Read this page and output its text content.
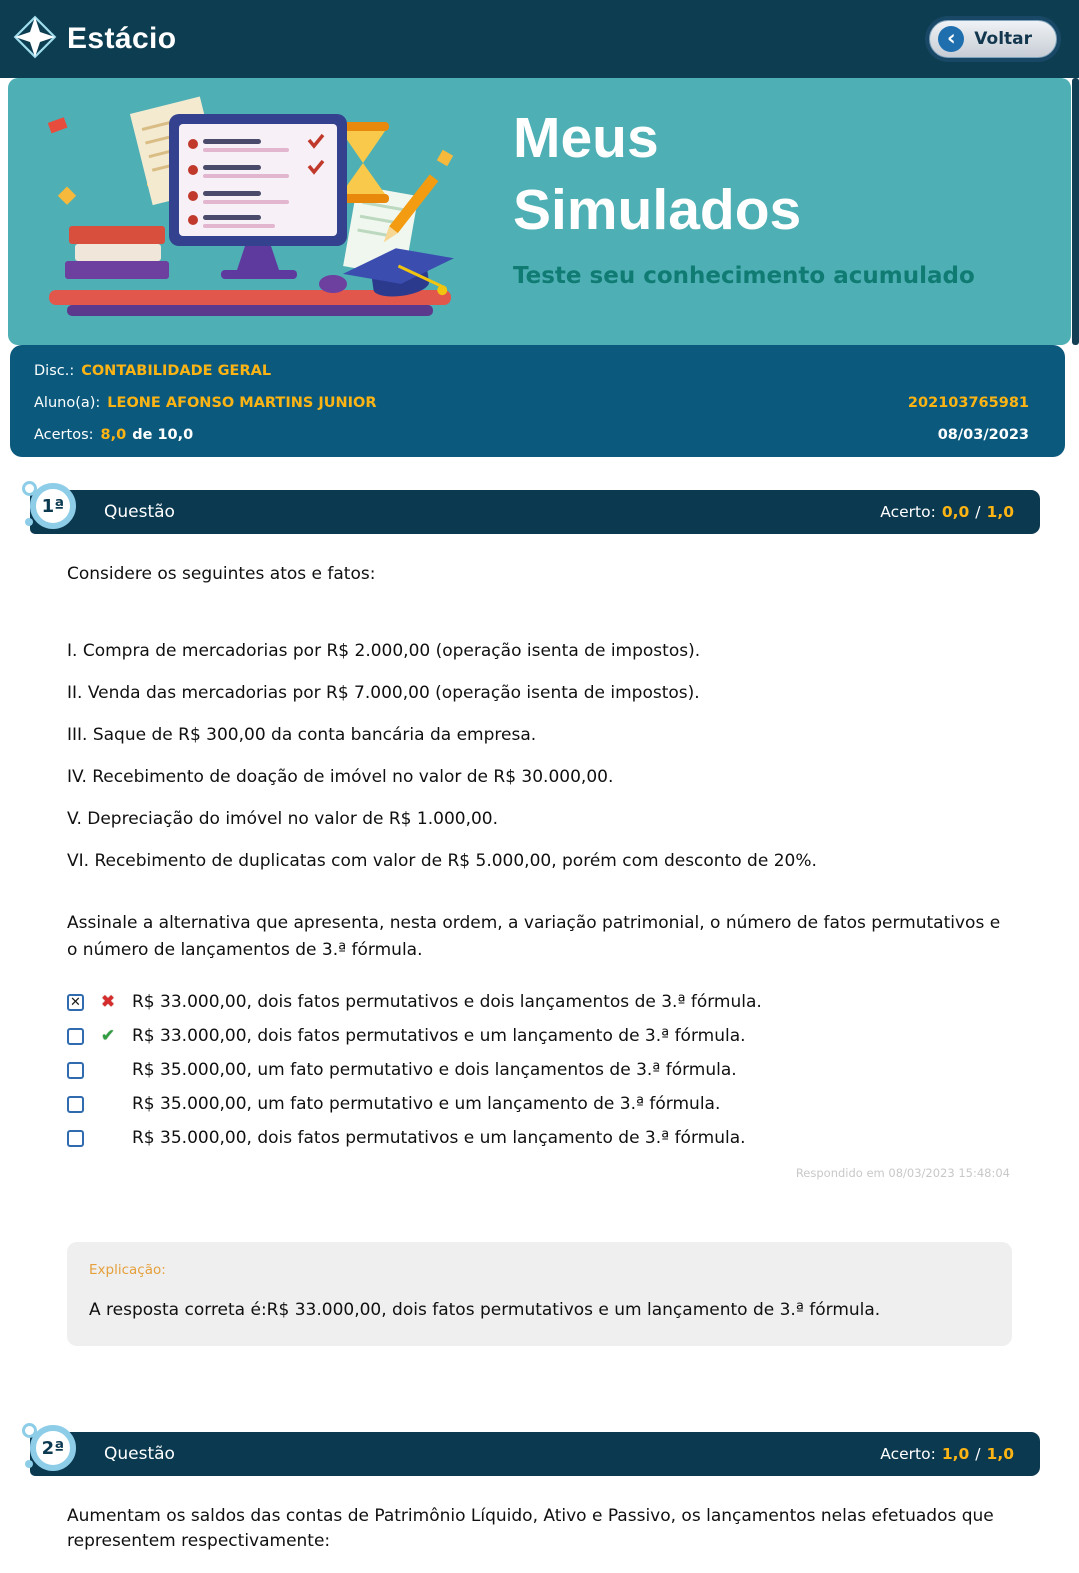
Estácio	‹	Voltar
Meus
Simulados

Teste seu conhecimento acumulado

Disc.: CONTABILIDADE GERAL
Aluno(a): LEONE AFONSO MARTINS JUNIOR	202103765981
Acertos: 8,0 de 10,0	08/03/2023
1ª	Questão	Acerto: 0,0 / 1,0

Considere os seguintes atos e fatos:

I. Compra de mercadorias por R$ 2.000,00 (operação isenta de impostos).

II. Venda das mercadorias por R$ 7.000,00 (operação isenta de impostos).

III. Saque de R$ 300,00 da conta bancária da empresa.

IV. Recebimento de doação de imóvel no valor de R$ 30.000,00.

V. Depreciação do imóvel no valor de R$ 1.000,00.

VI. Recebimento de duplicatas com valor de R$ 5.000,00, porém com desconto de 20%.

Assinale a alternativa que apresenta, nesta ordem, a variação patrimonial, o número de fatos permutativos e o número de lançamentos de 3.ª fórmula.

✕	✖ R$ 33.000,00, dois fatos permutativos e dois lançamentos de 3.ª fórmula.
✔ R$ 33.000,00, dois fatos permutativos e um lançamento de 3.ª fórmula.
R$ 35.000,00, um fato permutativo e dois lançamentos de 3.ª fórmula.
R$ 35.000,00, um fato permutativo e um lançamento de 3.ª fórmula.
R$ 35.000,00, dois fatos permutativos e um lançamento de 3.ª fórmula.

Respondido em 08/03/2023 15:48:04

Explicação:

A resposta correta é:R$ 33.000,00, dois fatos permutativos e um lançamento de 3.ª fórmula.

2ª	Questão	Acerto: 1,0 / 1,0

Aumentam os saldos das contas de Patrimônio Líquido, Ativo e Passivo, os lançamentos nelas efetuados que representem respectivamente:
